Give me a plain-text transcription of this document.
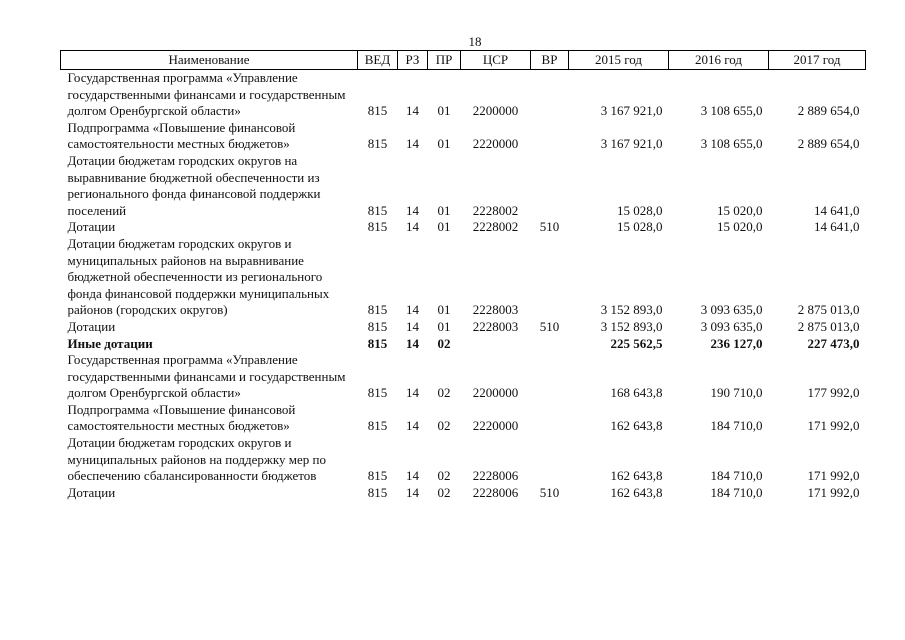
18
Наименование	ВЕД	РЗ	ПР	ЦСР	ВР	2015 год	2016 год	2017 год
Государственная программа «Управление государственными финансами и государственным долгом Оренбургской области»	815	14	01	2200000		3 167 921,0	3 108 655,0	2 889 654,0
Подпрограмма «Повышение финансовой самостоятельности местных бюджетов»	815	14	01	2220000		3 167 921,0	3 108 655,0	2 889 654,0
Дотации бюджетам городских округов на выравнивание бюджетной обеспеченности из регионального фонда финансовой поддержки поселений	815	14	01	2228002		15 028,0	15 020,0	14 641,0
Дотации	815	14	01	2228002	510	15 028,0	15 020,0	14 641,0
Дотации бюджетам городских округов и муниципальных районов на выравнивание бюджетной обеспеченности из регионального фонда финансовой поддержки муниципальных районов (городских округов)	815	14	01	2228003		3 152 893,0	3 093 635,0	2 875 013,0
Дотации	815	14	01	2228003	510	3 152 893,0	3 093 635,0	2 875 013,0
Иные дотации	815	14	02			225 562,5	236 127,0	227 473,0
Государственная программа «Управление государственными финансами и государственным долгом Оренбургской области»	815	14	02	2200000		168 643,8	190 710,0	177 992,0
Подпрограмма «Повышение финансовой самостоятельности местных бюджетов»	815	14	02	2220000		162 643,8	184 710,0	171 992,0
Дотации бюджетам городских округов и муниципальных районов на поддержку мер по обеспечению сбалансированности бюджетов	815	14	02	2228006		162 643,8	184 710,0	171 992,0
Дотации	815	14	02	2228006	510	162 643,8	184 710,0	171 992,0
